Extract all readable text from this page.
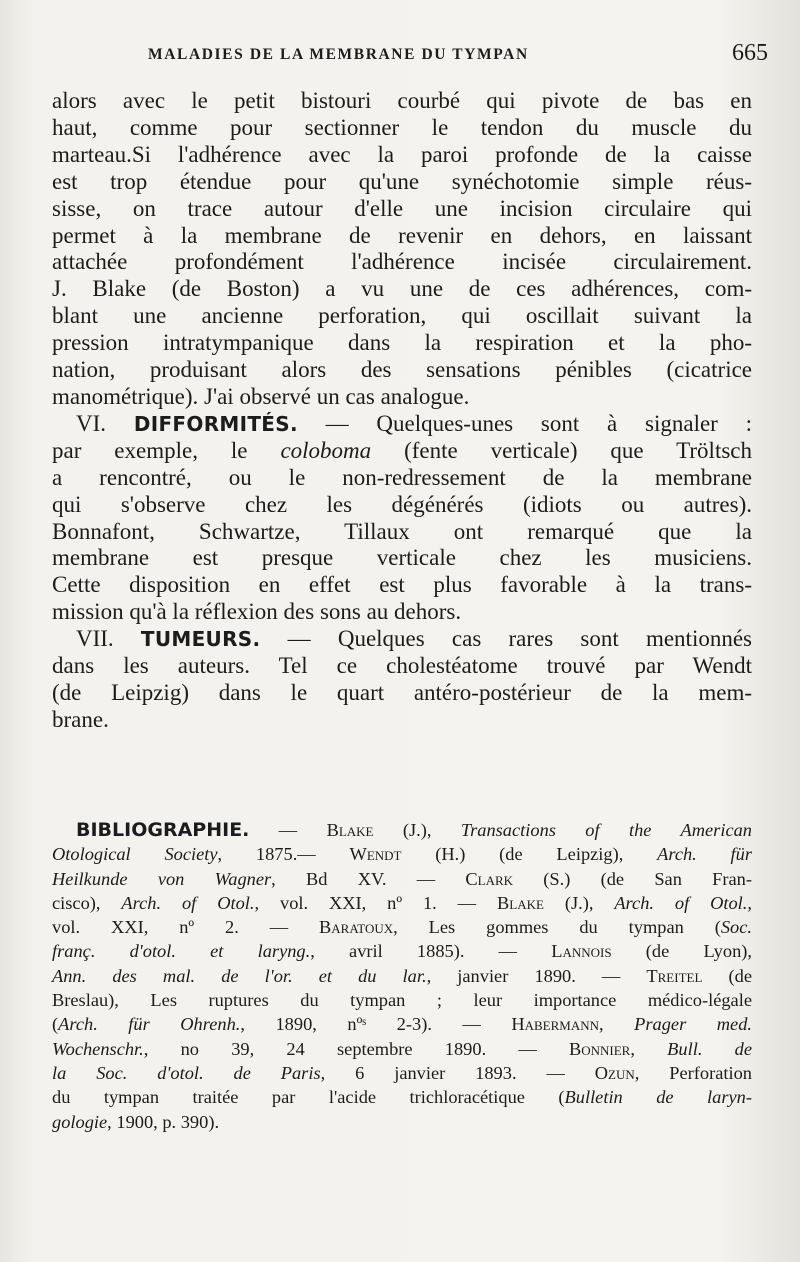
MALADIES DE LA MEMBRANE DU TYMPAN	665
alors avec le petit bistouri courbé qui pivote de bas en
haut, comme pour sectionner le tendon du muscle du
marteau.Si l'adhérence avec la paroi profonde de la caisse
est trop étendue pour qu'une synéchotomie simple réus-
sisse, on trace autour d'elle une incision circulaire qui
permet à la membrane de revenir en dehors, en laissant
attachée profondément l'adhérence incisée circulairement.
J. Blake (de Boston) a vu une de ces adhérences, com-
blant une ancienne perforation, qui oscillait suivant la
pression intratympanique dans la respiration et la pho-
nation, produisant alors des sensations pénibles (cicatrice
manométrique). J'ai observé un cas analogue.
VI. DIFFORMITÉS. — Quelques-unes sont à signaler :
par exemple, le coloboma (fente verticale) que Tröltsch
a rencontré, ou le non-redressement de la membrane
qui s'observe chez les dégénérés (idiots ou autres).
Bonnafont, Schwartze, Tillaux ont remarqué que la
membrane est presque verticale chez les musiciens.
Cette disposition en effet est plus favorable à la trans-
mission qu'à la réflexion des sons au dehors.
VII. TUMEURS. — Quelques cas rares sont mentionnés
dans les auteurs. Tel ce cholestéatome trouvé par Wendt
(de Leipzig) dans le quart antéro-postérieur de la mem-
brane.
BIBLIOGRAPHIE. — Blake (J.), Transactions of the American
Otological Society, 1875.— Wendt (H.) (de Leipzig), Arch. für
Heilkunde von Wagner, Bd XV. — Clark (S.) (de San Fran-
cisco), Arch. of Otol., vol. XXI, nº 1. — Blake (J.), Arch. of Otol.,
vol. XXI, nº 2. — Baratoux, Les gommes du tympan (Soc.
franç. d'otol. et laryng., avril 1885). — Lannois (de Lyon),
Ann. des mal. de l'or. et du lar., janvier 1890. — Treitel (de
Breslau), Les ruptures du tympan ; leur importance médico-légale
(Arch. für Ohrenh., 1890, nºˢ 2-3). — Habermann, Prager med.
Wochenschr., no 39, 24 septembre 1890. — Bonnier, Bull. de
la Soc. d'otol. de Paris, 6 janvier 1893. — Ozun, Perforation
du tympan traitée par l'acide trichloracétique (Bulletin de laryn-
gologie, 1900, p. 390).
